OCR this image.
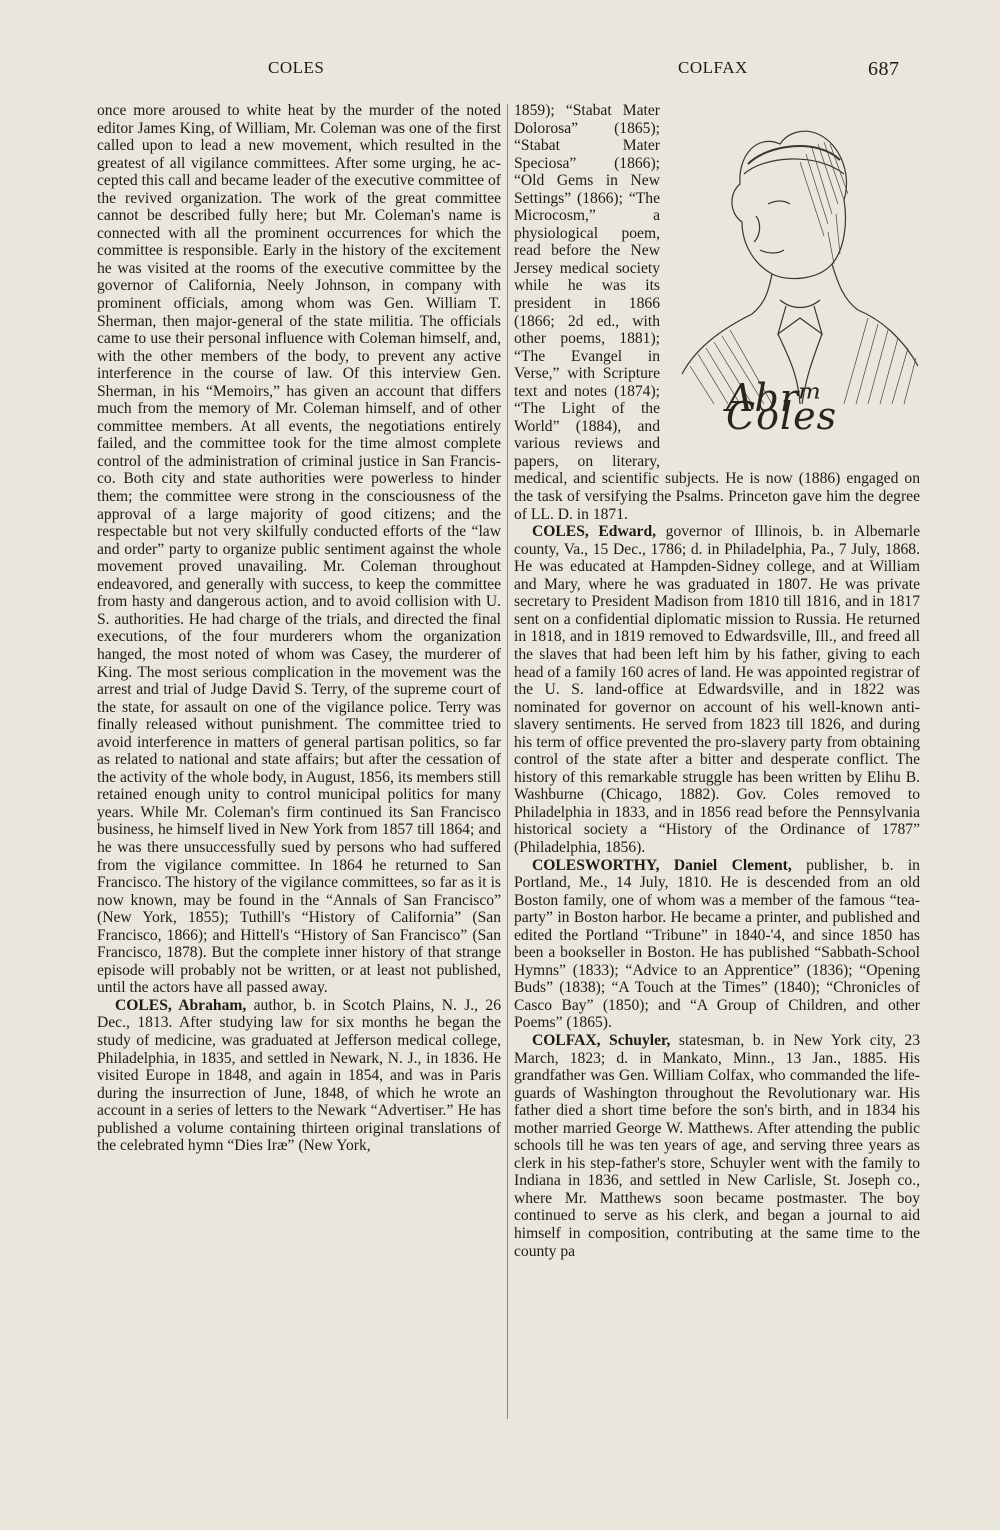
COLES	COLFAX	687

once more aroused to white heat by the murder of the noted editor James King, of William, Mr. Coleman was one of the first called upon to lead a new movement, which resulted in the greatest of all vigilance committees. After some urging, he accepted this call and became leader of the executive committee of the revived organization. The work of the great committee cannot be described fully here; but Mr. Coleman's name is connected with all the prominent occurrences for which the committee is responsible. Early in the history of the excitement he was visited at the rooms of the executive committee by the governor of California, Neely Johnson, in company with prominent officials, among whom was Gen. William T. Sherman, then major-general of the state militia. The officials came to use their personal influence with Coleman himself, and, with the other members of the body, to prevent any active interference in the course of law. Of this interview Gen. Sherman, in his “Memoirs,” has given an account that differs much from the memory of Mr. Coleman himself, and of other committee members. At all events, the negotiations entirely failed, and the committee took for the time almost complete control of the administration of criminal justice in San Francisco. Both city and state authorities were powerless to hinder them; the committee were strong in the consciousness of the approval of a large majority of good citizens; and the respectable but not very skilfully conducted efforts of the “law and order” party to organize public sentiment against the whole movement proved unavailing. Mr. Coleman throughout endeavored, and generally with success, to keep the committee from hasty and dangerous action, and to avoid collision with U. S. authorities. He had charge of the trials, and directed the final executions, of the four murderers whom the organization hanged, the most noted of whom was Casey, the murderer of King. The most serious complication in the movement was the arrest and trial of Judge David S. Terry, of the supreme court of the state, for assault on one of the vigilance police. Terry was finally released without punishment. The committee tried to avoid interference in matters of general partisan politics, so far as related to national and state affairs; but after the cessation of the activity of the whole body, in August, 1856, its members still retained enough unity to control municipal politics for many years. While Mr. Coleman's firm continued its San Francisco business, he himself lived in New York from 1857 till 1864; and he was there unsuccessfully sued by persons who had suffered from the vigilance committee. In 1864 he returned to San Francisco. The history of the vigilance committees, so far as it is now known, may be found in the “Annals of San Francisco” (New York, 1855); Tuthill's “History of California” (San Francisco, 1866); and Hittell's “History of San Francisco” (San Francisco, 1878). But the complete inner history of that strange episode will probably not be written, or at least not published, until the actors have all passed away.

COLES, Abraham, author, b. in Scotch Plains, N. J., 26 Dec., 1813. After studying law for six months he began the study of medicine, was graduated at Jefferson medical college, Philadelphia, in 1835, and settled in Newark, N. J., in 1836. He visited Europe in 1848, and again in 1854, and was in Paris during the insurrection of June, 1848, of which he wrote an account in a series of letters to the Newark “Advertiser.” He has published a volume containing thirteen original translations of the celebrated hymn “Dies Iræ” (New York,

Abrᵐ Coles
1859); “Stabat Mater Dolorosa” (1865); “Stabat Mater Speciosa” (1866); “Old Gems in New Settings” (1866); “The Microcosm,” a physiological poem, read before the New Jersey medical society while he was its president in 1866 (1866; 2d ed., with other poems, 1881); “The Evangel in Verse,” with Scripture text and notes (1874); “The Light of the World” (1884), and various reviews and papers, on literary, medical, and scientific subjects. He is now (1886) engaged on the task of versifying the Psalms. Princeton gave him the degree of LL. D. in 1871.

COLES, Edward, governor of Illinois, b. in Albemarle county, Va., 15 Dec., 1786; d. in Philadelphia, Pa., 7 July, 1868. He was educated at Hampden-Sidney college, and at William and Mary, where he was graduated in 1807. He was private secretary to President Madison from 1810 till 1816, and in 1817 sent on a confidential diplomatic mission to Russia. He returned in 1818, and in 1819 removed to Edwardsville, Ill., and freed all the slaves that had been left him by his father, giving to each head of a family 160 acres of land. He was appointed registrar of the U. S. land-office at Edwardsville, and in 1822 was nominated for governor on account of his well-known anti-slavery sentiments. He served from 1823 till 1826, and during his term of office prevented the pro-slavery party from obtaining control of the state after a bitter and desperate conflict. The history of this remarkable struggle has been written by Elihu B. Washburne (Chicago, 1882). Gov. Coles removed to Philadelphia in 1833, and in 1856 read before the Pennsylvania historical society a “History of the Ordinance of 1787” (Philadelphia, 1856).

COLESWORTHY, Daniel Clement, publisher, b. in Portland, Me., 14 July, 1810. He is descended from an old Boston family, one of whom was a member of the famous “tea-party” in Boston harbor. He became a printer, and published and edited the Portland “Tribune” in 1840-'4, and since 1850 has been a bookseller in Boston. He has published “Sabbath-School Hymns” (1833); “Advice to an Apprentice” (1836); “Opening Buds” (1838); “A Touch at the Times” (1840); “Chronicles of Casco Bay” (1850); and “A Group of Children, and other Poems” (1865).

COLFAX, Schuyler, statesman, b. in New York city, 23 March, 1823; d. in Mankato, Minn., 13 Jan., 1885. His grandfather was Gen. William Colfax, who commanded the life-guards of Washington throughout the Revolutionary war. His father died a short time before the son's birth, and in 1834 his mother married George W. Matthews. After attending the public schools till he was ten years of age, and serving three years as clerk in his step-father's store, Schuyler went with the family to Indiana in 1836, and settled in New Carlisle, St. Joseph co., where Mr. Matthews soon became postmaster. The boy continued to serve as his clerk, and began a journal to aid himself in composition, contributing at the same time to the county pa
